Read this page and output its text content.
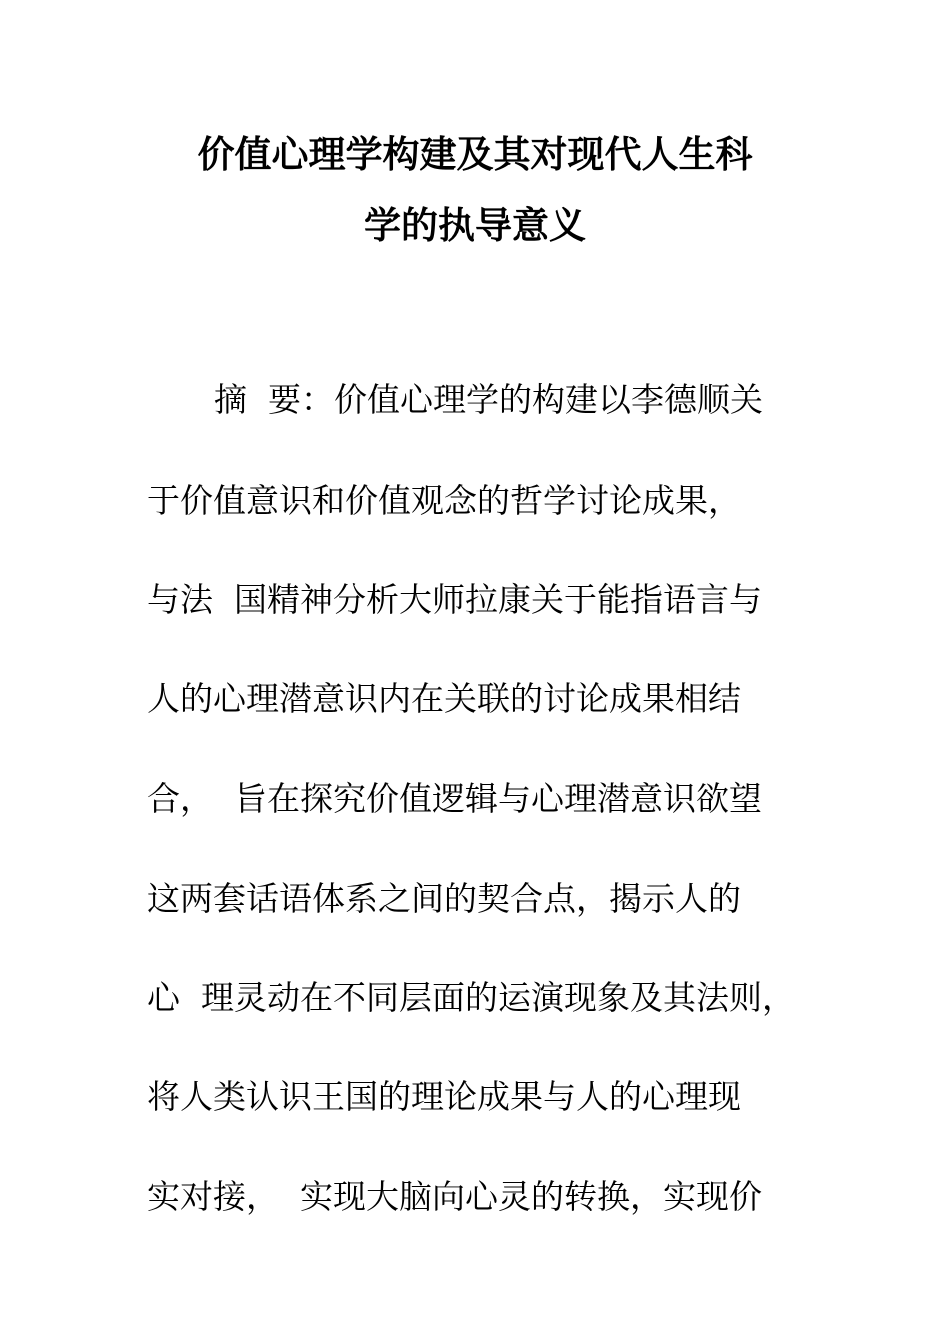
价值心理学构建及其对现代人生科
学的执导意义
摘  要：价值心理学的构建以李德顺关
于价值意识和价值观念的哲学讨论成果，
与法  国精神分析大师拉康关于能指语言与
人的心理潜意识内在关联的讨论成果相结
合，  旨在探究价值逻辑与心理潜意识欲望
这两套话语体系之间的契合点，揭示人的
心  理灵动在不同层面的运演现象及其法则，
将人类认识王国的理论成果与人的心理现
实对接，  实现大脑向心灵的转换，实现价
